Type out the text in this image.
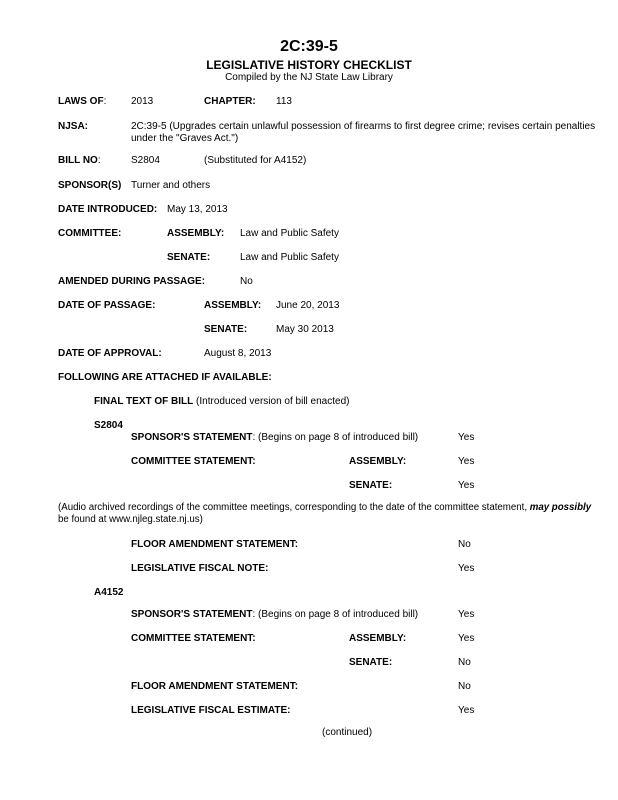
2C:39-5
LEGISLATIVE HISTORY CHECKLIST
Compiled by the NJ State Law Library
LAWS OF: 2013	CHAPTER: 113
NJSA:	2C:39-5 (Upgrades certain unlawful possession of firearms to first degree crime; revises certain penalties under the "Graves Act.")
BILL NO:	S2804	(Substituted for A4152)
SPONSOR(S) Turner and others
DATE INTRODUCED: May 13, 2013
COMMITTEE:	ASSEMBLY: Law and Public Safety
SENATE:	Law and Public Safety
AMENDED DURING PASSAGE:	No
DATE OF PASSAGE:	ASSEMBLY: June 20, 2013
SENATE:	May 30 2013
DATE OF APPROVAL:	August 8, 2013
FOLLOWING ARE ATTACHED IF AVAILABLE:
FINAL TEXT OF BILL (Introduced version of bill enacted)
S2804
SPONSOR'S STATEMENT: (Begins on page 8 of introduced bill)	Yes
COMMITTEE STATEMENT:	ASSEMBLY:	Yes
SENATE:	Yes
(Audio archived recordings of the committee meetings, corresponding to the date of the committee statement, may possibly
be found at www.njleg.state.nj.us)
FLOOR AMENDMENT STATEMENT:	No
LEGISLATIVE FISCAL NOTE:	Yes
A4152
SPONSOR'S STATEMENT: (Begins on page 8 of introduced bill)	Yes
COMMITTEE STATEMENT:	ASSEMBLY:	Yes
SENATE:	No
FLOOR AMENDMENT STATEMENT:	No
LEGISLATIVE FISCAL ESTIMATE:	Yes
(continued)
